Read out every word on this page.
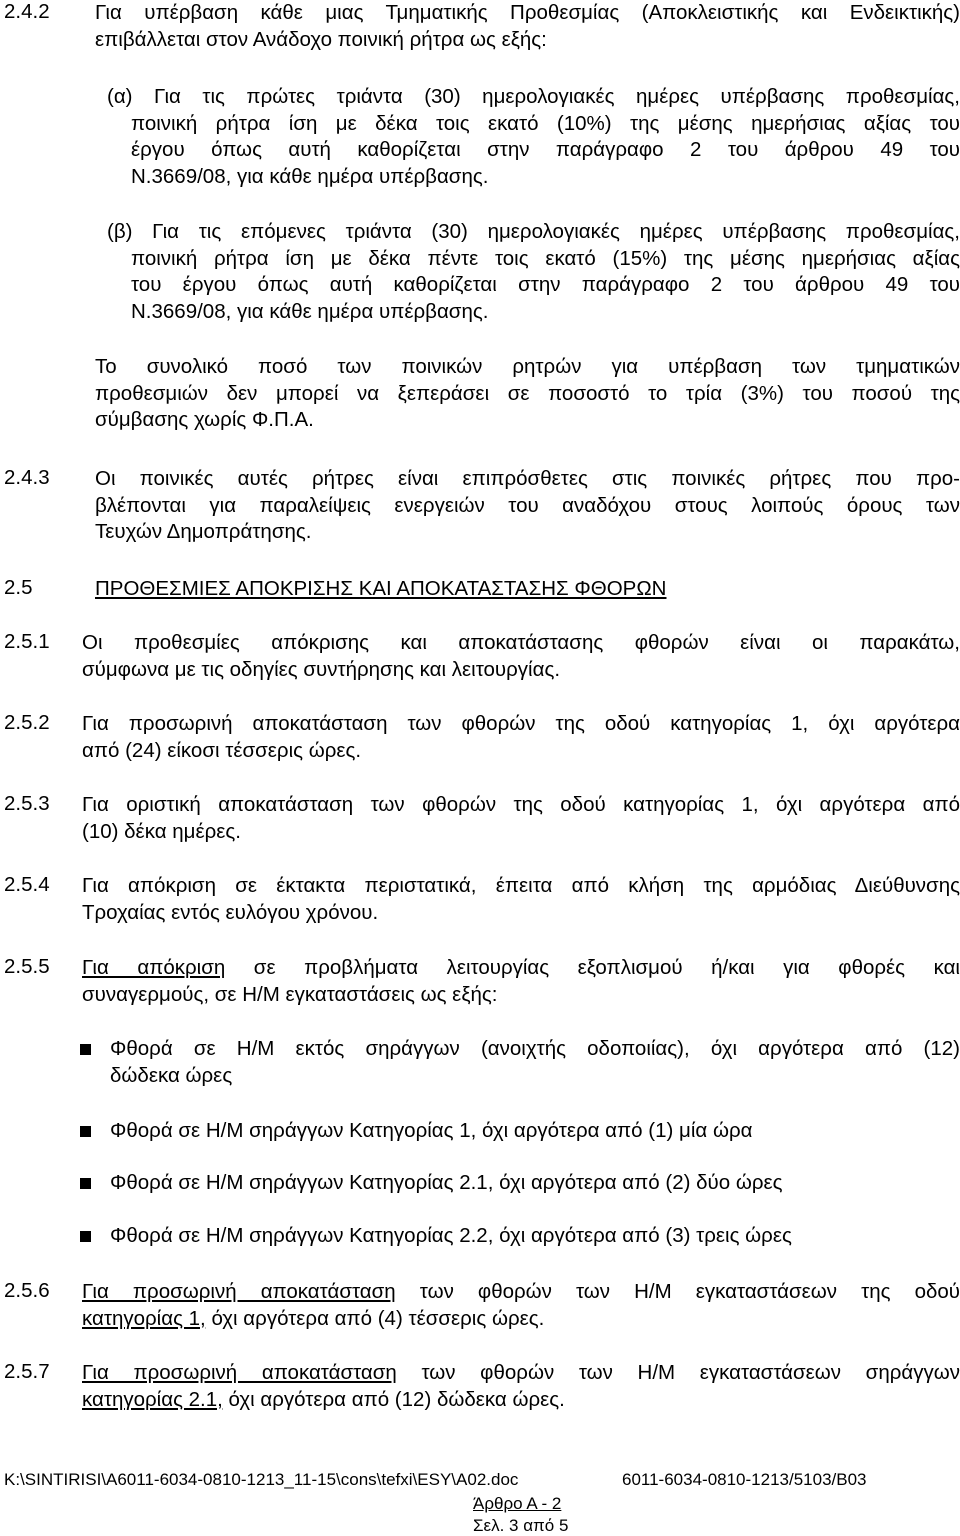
2.4.2 Για υπέρβαση κάθε μιας Τμηματικής Προθεσμίας (Αποκλειστικής και Ενδεικτικής)
επιβάλλεται στον Ανάδοχο ποινική ρήτρα ως εξής:
(α) Για τις πρώτες τριάντα (30) ημερολογιακές ημέρες υπέρβασης προθεσμίας,
ποινική ρήτρα ίση με δέκα τοις εκατό (10%) της μέσης ημερήσιας αξίας του
έργου όπως αυτή καθορίζεται στην παράγραφο 2 του άρθρου 49 του
Ν.3669/08, για κάθε ημέρα υπέρβασης.
(β) Για τις επόμενες τριάντα (30) ημερολογιακές ημέρες υπέρβασης προθεσμίας,
ποινική ρήτρα ίση με δέκα πέντε τοις εκατό (15%) της μέσης ημερήσιας αξίας
του έργου όπως αυτή καθορίζεται στην παράγραφο 2 του άρθρου 49 του
Ν.3669/08, για κάθε ημέρα υπέρβασης.
Το συνολικό ποσό των ποινικών ρητρών για υπέρβαση των τμηματικών
προθεσμιών δεν μπορεί να ξεπεράσει σε ποσοστό το τρία (3%) του ποσού της
σύμβασης χωρίς Φ.Π.Α.
2.4.3 Οι ποινικές αυτές ρήτρες είναι επιπρόσθετες στις ποινικές ρήτρες που προ-
βλέπονται για παραλείψεις ενεργειών του αναδόχου στους λοιπούς όρους των
Τευχών Δημοπράτησης.
2.5	ΠΡΟΘΕΣΜΙΕΣ ΑΠΟΚΡΙΣΗΣ ΚΑΙ ΑΠΟΚΑΤΑΣΤΑΣΗΣ ΦΘΟΡΩΝ
2.5.1 Οι προθεσμίες απόκρισης και αποκατάστασης φθορών είναι οι παρακάτω,
σύμφωνα με τις οδηγίες συντήρησης και λειτουργίας.
2.5.2 Για προσωρινή αποκατάσταση των φθορών της οδού κατηγορίας 1, όχι αργότερα
από (24) είκοσι τέσσερις ώρες.
2.5.3 Για οριστική αποκατάσταση των φθορών της οδού κατηγορίας 1, όχι αργότερα από
(10) δέκα ημέρες.
2.5.4 Για απόκριση σε έκτακτα περιστατικά, έπειτα από κλήση της αρμόδιας Διεύθυνσης
Τροχαίας εντός ευλόγου χρόνου.
2.5.5 Για απόκριση σε προβλήματα λειτουργίας εξοπλισμού ή/και για φθορές και
συναγερμούς, σε Η/Μ εγκαταστάσεις ως εξής:
Φθορά σε Η/Μ εκτός σηράγγων (ανοιχτής οδοποιίας), όχι αργότερα από (12)
δώδεκα ώρες
Φθορά σε Η/Μ σηράγγων Κατηγορίας 1, όχι αργότερα από (1) μία ώρα
Φθορά σε Η/Μ σηράγγων Κατηγορίας 2.1, όχι αργότερα από (2) δύο ώρες
Φθορά σε Η/Μ σηράγγων Κατηγορίας 2.2, όχι αργότερα από (3) τρεις ώρες
2.5.6 Για προσωρινή αποκατάσταση των φθορών των Η/Μ εγκαταστάσεων της οδού
κατηγορίας 1, όχι αργότερα από (4) τέσσερις ώρες.
2.5.7 Για προσωρινή αποκατάσταση των φθορών των Η/Μ εγκαταστάσεων σηράγγων
κατηγορίας 2.1, όχι αργότερα από (12) δώδεκα ώρες.
K:\SINTIRISI\A6011-6034-0810-1213_11-15\cons\tefxi\ESY\A02.doc	6011-6034-0810-1213/5103/B03
Άρθρο Α - 2
Σελ. 3 από 5
